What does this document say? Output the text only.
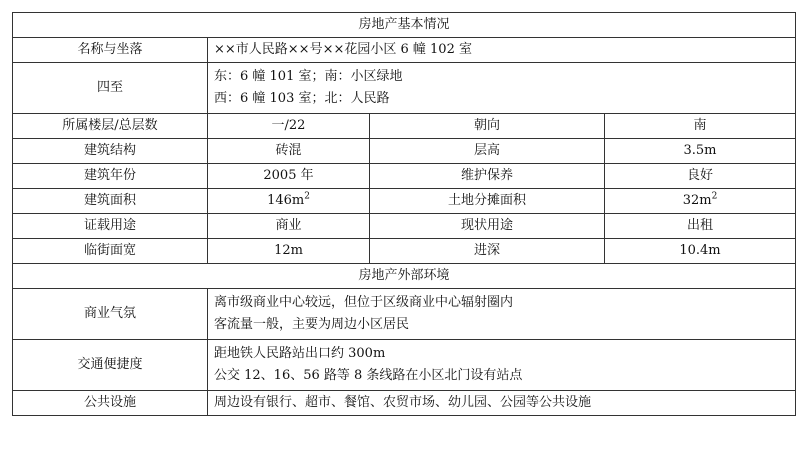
房地产基本情况			
名称与坐落	××市人民路××号××花园小区 6 幢 102 室		
四至	东：6 幢 101 室；南：小区绿地
西：6 幢 103 室；北：人民路		

所属楼层/总层数	一/22	朝向	南
建筑结构	砖混	层高	3.5m
建筑年份	2005 年	维护保养	良好
建筑面积	$146m^2$	土地分摊面积	$32m^2$
证载用途	商业	现状用途	出租
临街面宽	12m	进深	10.4m
房地产外部环境			
商业气氛	离市级商业中心较远，但位于区级商业中心辐射圈内
客流量一般，主要为周边小区居民		

交通便捷度	距地铁人民路站出口约 300m
公交 12、16、56 路等 8 条线路在小区北门设有站点		

公共设施	周边设有银行、超市、餐馆、农贸市场、幼儿园、公园等公共设施		
